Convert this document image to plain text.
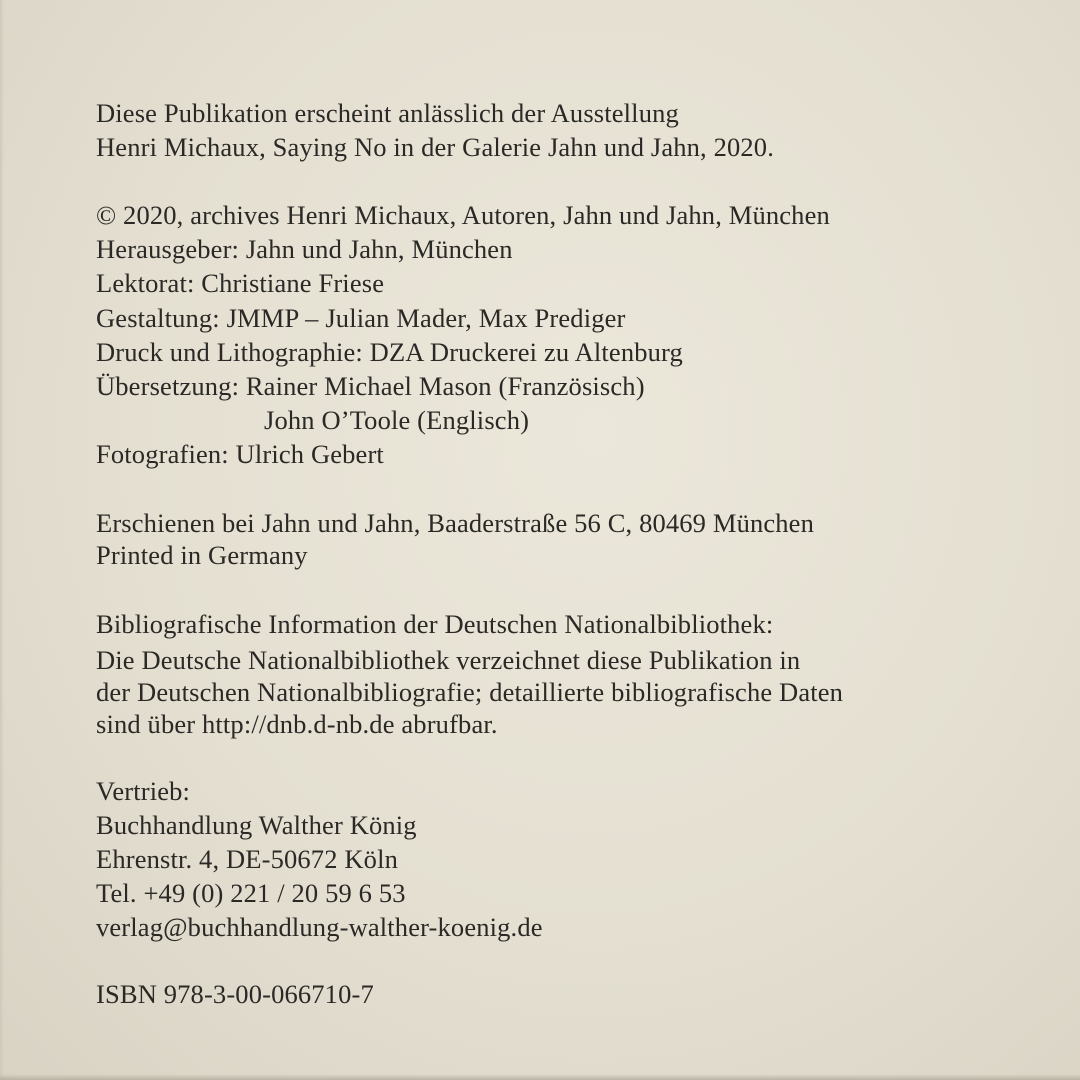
Diese Publikation erscheint anlässlich der Ausstellung
Henri Michaux, Saying No in der Galerie Jahn und Jahn, 2020.
© 2020, archives Henri Michaux, Autoren, Jahn und Jahn, München
Herausgeber: Jahn und Jahn, München
Lektorat: Christiane Friese
Gestaltung: JMMP – Julian Mader, Max Prediger
Druck und Lithographie: DZA Druckerei zu Altenburg
Übersetzung: Rainer Michael Mason (Französisch)
John O’Toole (Englisch)
Fotografien: Ulrich Gebert
Erschienen bei Jahn und Jahn, Baaderstraße 56 C, 80469 München
Printed in Germany
Bibliografische Information der Deutschen Nationalbibliothek:
Die Deutsche Nationalbibliothek verzeichnet diese Publikation in
der Deutschen Nationalbibliografie; detaillierte bibliografische Daten
sind über http://dnb.d-nb.de abrufbar.
Vertrieb:
Buchhandlung Walther König
Ehrenstr. 4, DE-50672 Köln
Tel. +49 (0) 221 / 20 59 6 53
verlag@buchhandlung-walther-koenig.de
ISBN 978-3-00-066710-7
